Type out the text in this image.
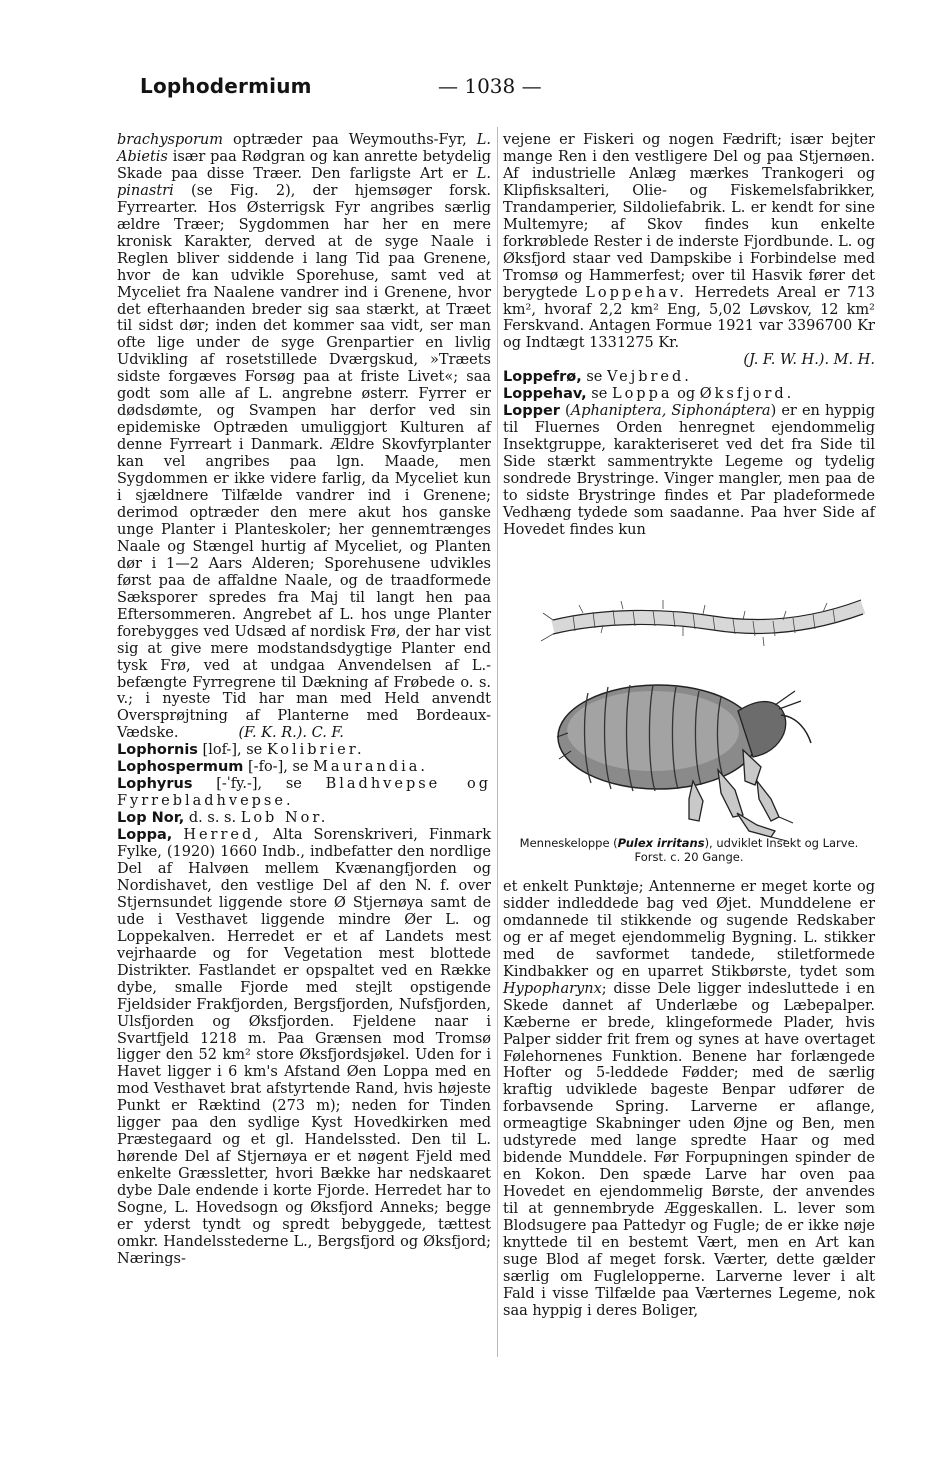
Lophodermium	— 1038 —

brachysporum optræder paa Weymouths-Fyr, L. Abietis især paa Rødgran og kan anrette betydelig Skade paa disse Træer. Den farligste Art er L. pinastri (se Fig. 2), der hjemsøger forsk. Fyrrearter. Hos Østerrigsk Fyr angribes særlig ældre Træer; Sygdommen har her en mere kronisk Karakter, derved at de syge Naale i Reglen bliver siddende i lang Tid paa Grenene, hvor de kan udvikle Sporehuse, samt ved at Myceliet fra Naalene vandrer ind i Grenene, hvor det efterhaanden breder sig saa stærkt, at Træet til sidst dør; inden det kommer saa vidt, ser man ofte lige under de syge Grenpartier en livlig Udvikling af rosetstillede Dværgskud, »Træets sidste forgæves Forsøg paa at friste Livet«; saa godt som alle af L. angrebne østerr. Fyrrer er dødsdømte, og Svampen har derfor ved sin epidemiske Optræden umuliggjort Kulturen af denne Fyrreart i Danmark. Ældre Skovfyrplanter kan vel angribes paa lgn. Maade, men Sygdommen er ikke videre farlig, da Myceliet kun i sjældnere Tilfælde vandrer ind i Grenene; derimod optræder den mere akut hos ganske unge Planter i Planteskoler; her gennemtrænges Naale og Stængel hurtig af Myceliet, og Planten dør i 1—2 Aars Alderen; Sporehusene udvikles først paa de affaldne Naale, og de traadformede Sæksporer spredes fra Maj til langt hen paa Eftersommeren. Angrebet af L. hos unge Planter forebygges ved Udsæd af nordisk Frø, der har vist sig at give mere modstandsdygtige Planter end tysk Frø, ved at undgaa Anvendelsen af L.-befængte Fyrregrene til Dækning af Frøbede o. s. v.; i nyeste Tid har man med Held anvendt Oversprøjtning af Planterne med Bordeaux-Vædske.	(F. K. R.). C. F.

Lophornis [lof-], se Kolibrier.

Lophospermum [-fo-], se Maurandia.

Lophyrus [-ˈfy.-], se Bladhvepse og Fyrrebladhvepse.

Lop Nor, d. s. s. Lob Nor.

Loppa, Herred, Alta Sorenskriveri, Finmark Fylke, (1920) 1660 Indb., indbefatter den nordlige Del af Halvøen mellem Kvænangfjorden og Nordishavet, den vestlige Del af den N. f. over Stjernsundet liggende store Ø Stjernøya samt de ude i Vesthavet liggende mindre Øer L. og Loppekalven. Herredet er et af Landets mest vejrhaarde og for Vegetation mest blottede Distrikter. Fastlandet er opspaltet ved en Række dybe, smalle Fjorde med stejlt opstigende Fjeldsider Frakfjorden, Bergsfjorden, Nufsfjorden, Ulsfjorden og Øksfjorden. Fjeldene naar i Svartfjeld 1218 m. Paa Grænsen mod Tromsø ligger den 52 km² store Øksfjordsjøkel. Uden for i Havet ligger i 6 km's Afstand Øen Loppa med en mod Vesthavet brat afstyrtende Rand, hvis højeste Punkt er Ræktind (273 m); neden for Tinden ligger paa den sydlige Kyst Hovedkirken med Præstegaard og et gl. Handelssted. Den til L. hørende Del af Stjernøya er et nøgent Fjeld med enkelte Græssletter, hvori Bække har nedskaaret dybe Dale endende i korte Fjorde. Herredet har to Sogne, L. Hovedsogn og Øksfjord Anneks; begge er yderst tyndt og spredt bebyggede, tættest omkr. Handelsstederne L., Bergsfjord og Øksfjord; Nærings-

vejene er Fiskeri og nogen Fædrift; især bejter mange Ren i den vestligere Del og paa Stjernøen. Af industrielle Anlæg mærkes Trankogeri og Klipfisksalteri, Olie- og Fiskemelsfabrikker, Trandamperier, Sildoliefabrik. L. er kendt for sine Multemyre; af Skov findes kun enkelte forkrøblede Rester i de inderste Fjordbunde. L. og Øksfjord staar ved Dampskibe i Forbindelse med Tromsø og Hammerfest; over til Hasvik fører det berygtede Loppehav. Herredets Areal er 713 km², hvoraf 2,2 km² Eng, 5,02 Løvskov, 12 km² Ferskvand. Antagen Formue 1921 var 3396700 Kr og Indtægt 1331275 Kr.

(J. F. W. H.). M. H.

Loppefrø, se Vejbred.

Loppehav, se Loppa og Øksfjord.

Lopper (Aphaniptera, Siphonáptera) er en hyppig til Fluernes Orden henregnet ejendommelig Insektgruppe, karakteriseret ved det fra Side til Side stærkt sammentrykte Legeme og tydelig sondrede Brystringe. Vinger mangler, men paa de to sidste Brystringe findes et Par pladeformede Vedhæng tydede som saadanne. Paa hver Side af Hovedet findes kun

Menneskeloppe (Pulex irritans), udviklet Insekt og Larve. Forst. c. 20 Gange.

et enkelt Punktøje; Antennerne er meget korte og sidder indleddede bag ved Øjet. Munddelene er omdannede til stikkende og sugende Redskaber og er af meget ejendommelig Bygning. L. stikker med de savformet tandede, stiletformede Kindbakker og en uparret Stikbørste, tydet som Hypopharynx; disse Dele ligger indesluttede i en Skede dannet af Underlæbe og Læbepalper. Kæberne er brede, klingeformede Plader, hvis Palper sidder frit frem og synes at have overtaget Følehornenes Funktion. Benene har forlængede Hofter og 5-leddede Fødder; med de særlig kraftig udviklede bageste Benpar udfører de forbavsende Spring. Larverne er aflange, ormeagtige Skabninger uden Øjne og Ben, men udstyrede med lange spredte Haar og med bidende Munddele. Før Forpupningen spinder de en Kokon. Den spæde Larve har oven paa Hovedet en ejendommelig Børste, der anvendes til at gennembryde Æggeskallen. L. lever som Blodsugere paa Pattedyr og Fugle; de er ikke nøje knyttede til en bestemt Vært, men en Art kan suge Blod af meget forsk. Værter, dette gælder særlig om Fuglelopperne. Larverne lever i alt Fald i visse Tilfælde paa Værternes Legeme, nok saa hyppig i deres Boliger,
